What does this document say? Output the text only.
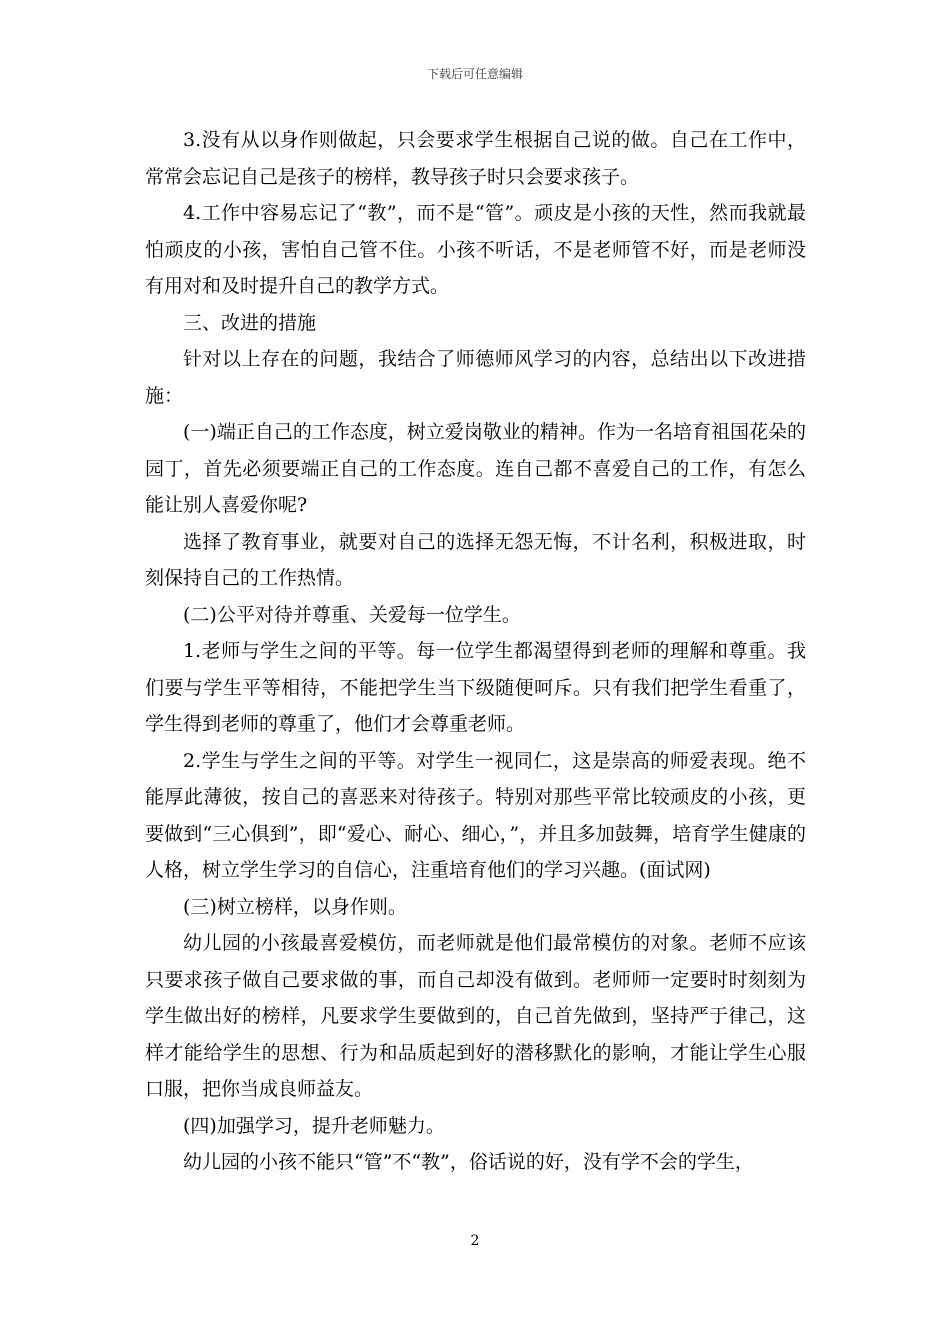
下载后可任意编辑

3.没有从以身作则做起，只会要求学生根据自己说的做。自己在工作中，常常会忘记自己是孩子的榜样，教导孩子时只会要求孩子。

4.工作中容易忘记了“教”，而不是“管”。顽皮是小孩的天性，然而我就最怕顽皮的小孩，害怕自己管不住。小孩不听话，不是老师管不好，而是老师没有用对和及时提升自己的教学方式。

三、改进的措施

针对以上存在的问题，我结合了师德师风学习的内容，总结出以下改进措施：

(一)端正自己的工作态度，树立爱岗敬业的精神。作为一名培育祖国花朵的园丁，首先必须要端正自己的工作态度。连自己都不喜爱自己的工作，有怎么能让别人喜爱你呢?

选择了教育事业，就要对自己的选择无怨无悔，不计名利，积极进取，时刻保持自己的工作热情。

(二)公平对待并尊重、关爱每一位学生。

1.老师与学生之间的平等。每一位学生都渴望得到老师的理解和尊重。我们要与学生平等相待，不能把学生当下级随便呵斥。只有我们把学生看重了，学生得到老师的尊重了，他们才会尊重老师。

2.学生与学生之间的平等。对学生一视同仁，这是崇高的师爱表现。绝不能厚此薄彼，按自己的喜恶来对待孩子。特别对那些平常比较顽皮的小孩，更要做到“三心俱到”，即“爱心、耐心、细心，”，并且多加鼓舞，培育学生健康的人格，树立学生学习的自信心，注重培育他们的学习兴趣。(面试网)

(三)树立榜样，以身作则。

幼儿园的小孩最喜爱模仿，而老师就是他们最常模仿的对象。老师不应该只要求孩子做自己要求做的事，而自己却没有做到。老师师一定要时时刻刻为学生做出好的榜样，凡要求学生要做到的，自己首先做到，坚持严于律己，这样才能给学生的思想、行为和品质起到好的潜移默化的影响，才能让学生心服口服，把你当成良师益友。

(四)加强学习，提升老师魅力。

幼儿园的小孩不能只“管”不“教”，俗话说的好，没有学不会的学生，

2
